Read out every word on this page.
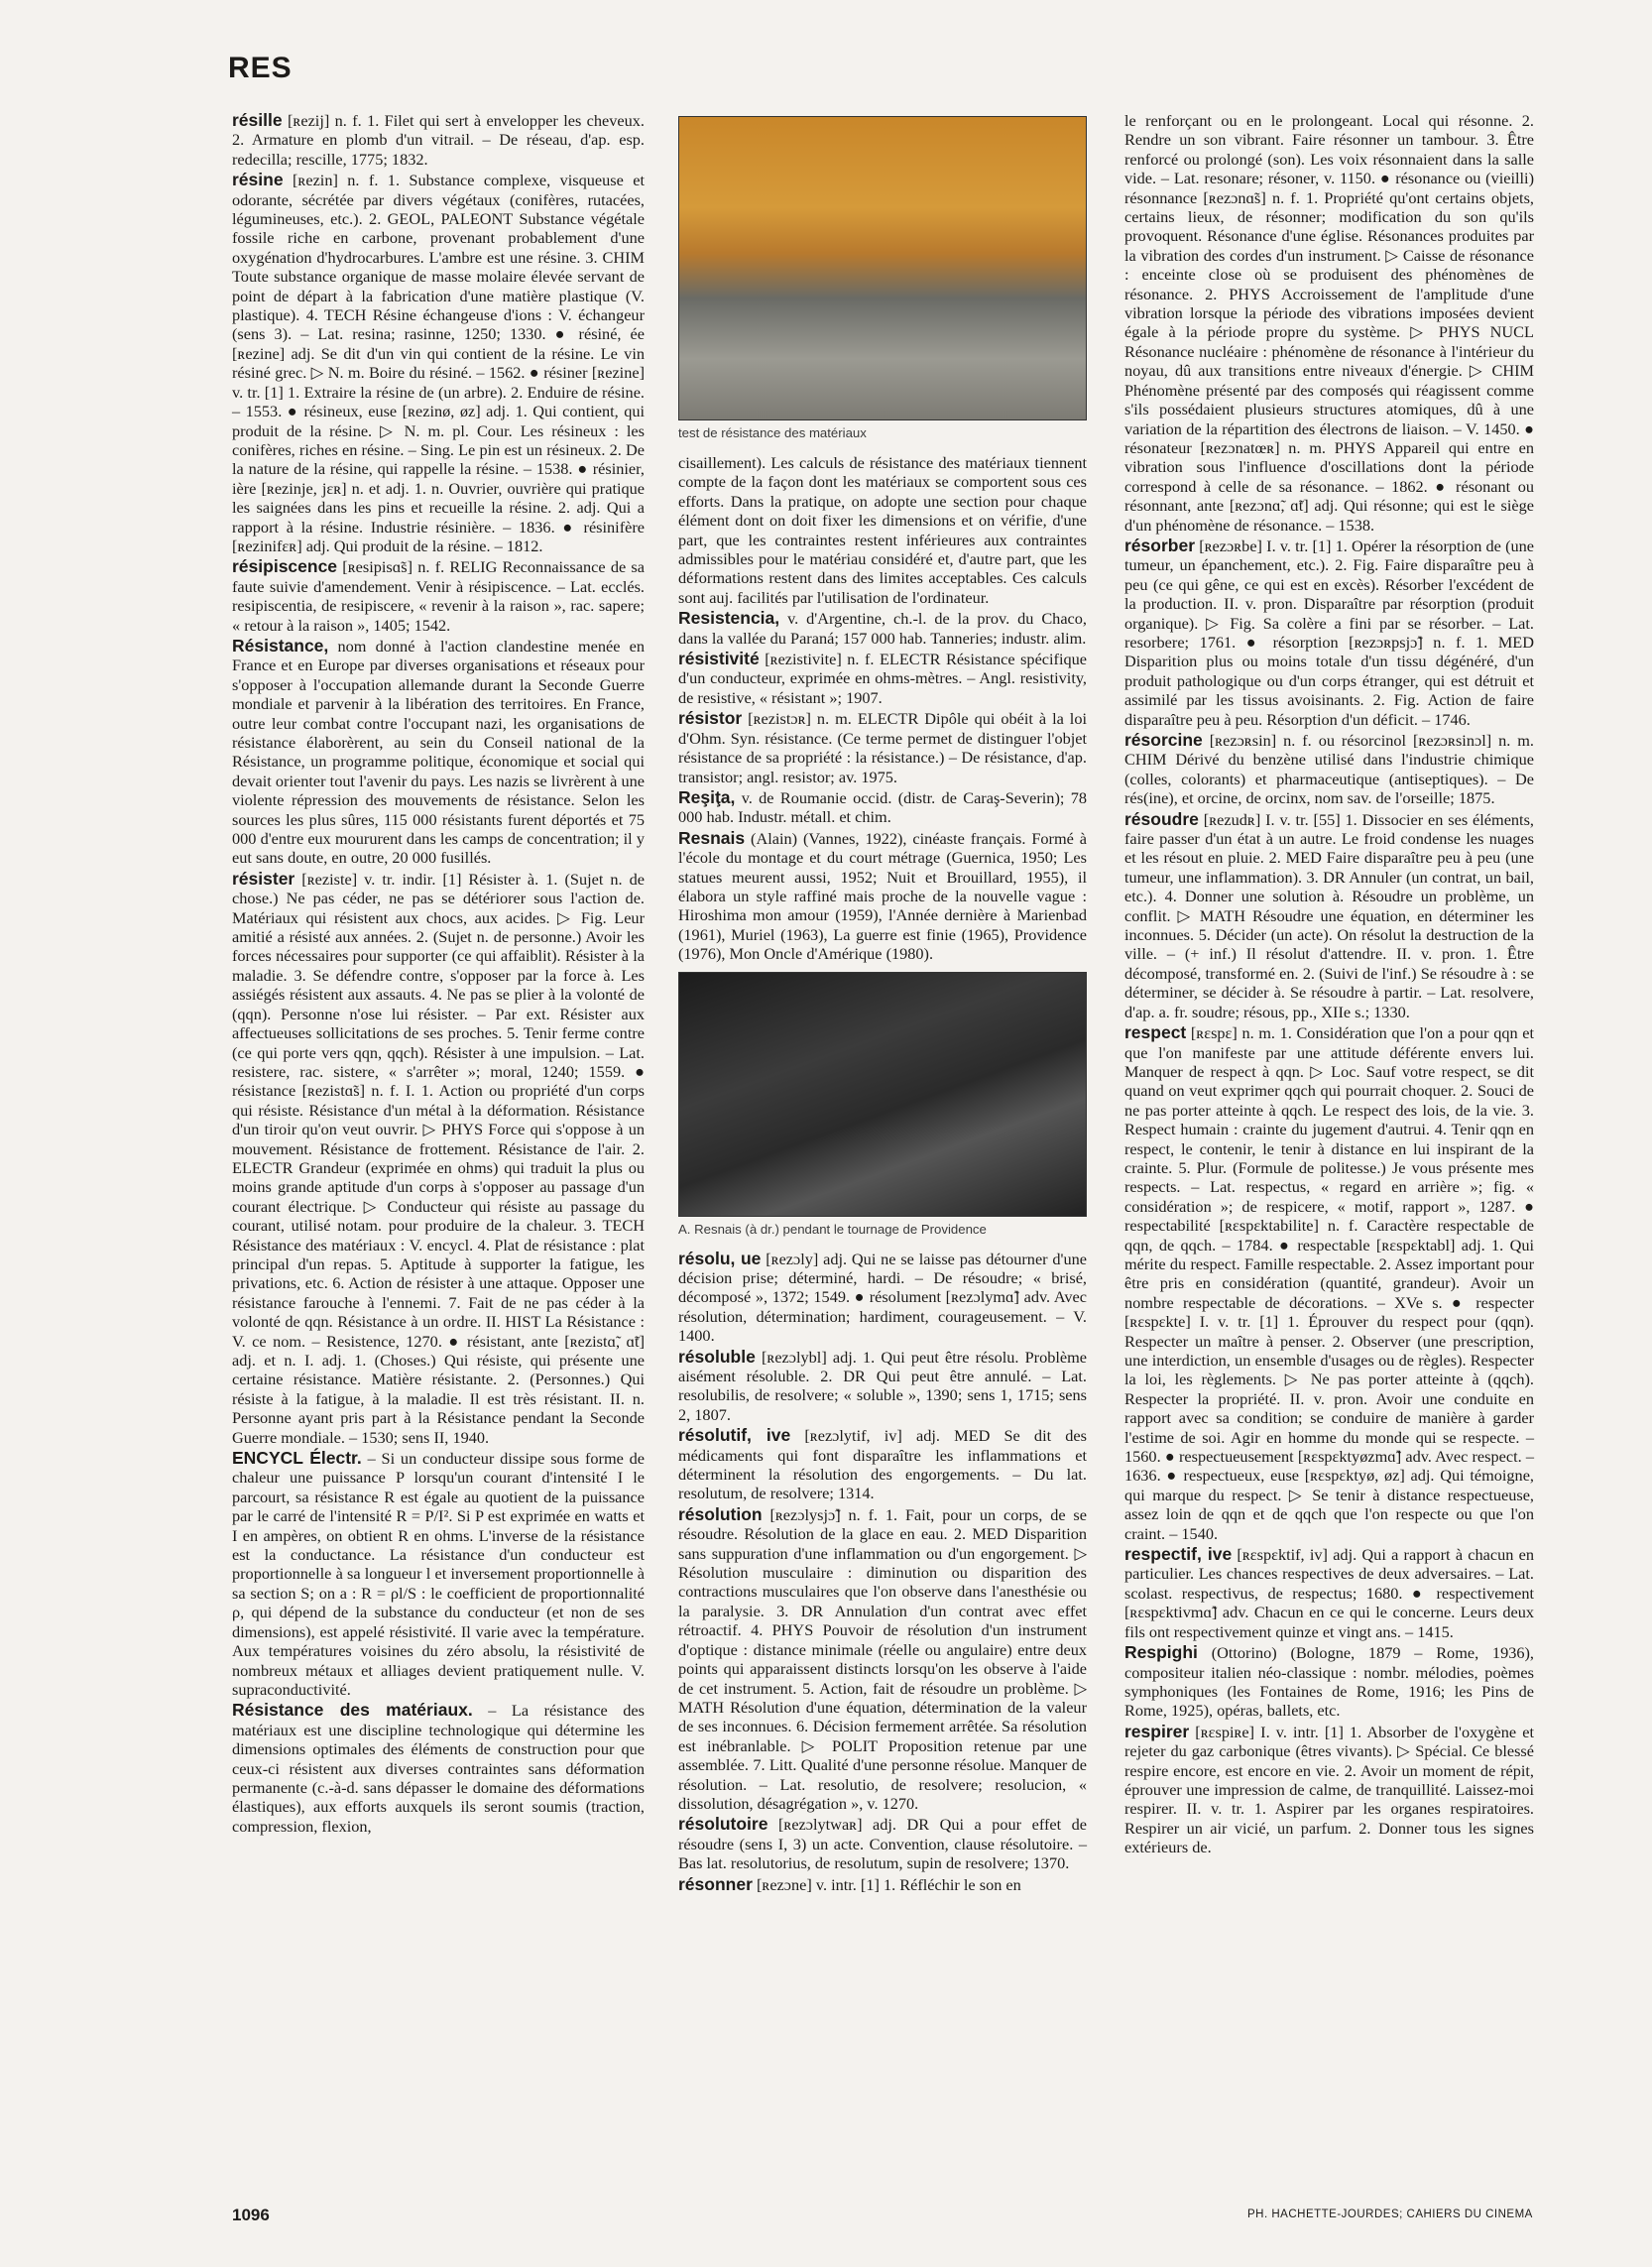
RES

résille [ʀezij] n. f. 1. Filet qui sert à envelopper les cheveux. 2. Armature en plomb d'un vitrail. – De réseau, d'ap. esp. redecilla; rescille, 1775; 1832.

résine [ʀezin] n. f. 1. Substance complexe, visqueuse et odorante, sécrétée par divers végétaux (conifères, rutacées, légumineuses, etc.). 2. GEOL, PALEONT Substance végétale fossile riche en carbone, provenant probablement d'une oxygénation d'hydrocarbures. L'ambre est une résine. 3. CHIM Toute substance organique de masse molaire élevée servant de point de départ à la fabrication d'une matière plastique (V. plastique). 4. TECH Résine échangeuse d'ions : V. échangeur (sens 3). – Lat. resina; rasinne, 1250; 1330. ● résiné, ée [ʀezine] adj. Se dit d'un vin qui contient de la résine. Le vin résiné grec. ▷ N. m. Boire du résiné. – 1562. ● résiner [ʀezine] v. tr. [1] 1. Extraire la résine de (un arbre). 2. Enduire de résine. – 1553. ● résineux, euse [ʀezinø, øz] adj. 1. Qui contient, qui produit de la résine. ▷ N. m. pl. Cour. Les résineux : les conifères, riches en résine. – Sing. Le pin est un résineux. 2. De la nature de la résine, qui rappelle la résine. – 1538. ● résinier, ière [ʀezinje, jɛʀ] n. et adj. 1. n. Ouvrier, ouvrière qui pratique les saignées dans les pins et recueille la résine. 2. adj. Qui a rapport à la résine. Industrie résinière. – 1836. ● résinifère [ʀezinifɛʀ] adj. Qui produit de la résine. – 1812.

résipiscence [ʀesipisɑ̃s] n. f. RELIG Reconnaissance de sa faute suivie d'amendement. Venir à résipiscence. – Lat. ecclés. resipiscentia, de resipiscere, « revenir à la raison », rac. sapere; « retour à la raison », 1405; 1542.

Résistance, nom donné à l'action clandestine menée en France et en Europe par diverses organisations et réseaux pour s'opposer à l'occupation allemande durant la Seconde Guerre mondiale et parvenir à la libération des territoires. En France, outre leur combat contre l'occupant nazi, les organisations de résistance élaborèrent, au sein du Conseil national de la Résistance, un programme politique, économique et social qui devait orienter tout l'avenir du pays. Les nazis se livrèrent à une violente répression des mouvements de résistance. Selon les sources les plus sûres, 115 000 résistants furent déportés et 75 000 d'entre eux moururent dans les camps de concentration; il y eut sans doute, en outre, 20 000 fusillés.

résister [ʀeziste] v. tr. indir. [1] Résister à. 1. (Sujet n. de chose.) Ne pas céder, ne pas se détériorer sous l'action de. Matériaux qui résistent aux chocs, aux acides. ▷ Fig. Leur amitié a résisté aux années. 2. (Sujet n. de personne.) Avoir les forces nécessaires pour supporter (ce qui affaiblit). Résister à la maladie. 3. Se défendre contre, s'opposer par la force à. Les assiégés résistent aux assauts. 4. Ne pas se plier à la volonté de (qqn). Personne n'ose lui résister. – Par ext. Résister aux affectueuses sollicitations de ses proches. 5. Tenir ferme contre (ce qui porte vers qqn, qqch). Résister à une impulsion. – Lat. resistere, rac. sistere, « s'arrêter »; moral, 1240; 1559. ● résistance [ʀezistɑ̃s] n. f. I. 1. Action ou propriété d'un corps qui résiste. Résistance d'un métal à la déformation. Résistance d'un tiroir qu'on veut ouvrir. ▷ PHYS Force qui s'oppose à un mouvement. Résistance de frottement. Résistance de l'air. 2. ELECTR Grandeur (exprimée en ohms) qui traduit la plus ou moins grande aptitude d'un corps à s'opposer au passage d'un courant électrique. ▷ Conducteur qui résiste au passage du courant, utilisé notam. pour produire de la chaleur. 3. TECH Résistance des matériaux : V. encycl. 4. Plat de résistance : plat principal d'un repas. 5. Aptitude à supporter la fatigue, les privations, etc. 6. Action de résister à une attaque. Opposer une résistance farouche à l'ennemi. 7. Fait de ne pas céder à la volonté de qqn. Résistance à un ordre. II. HIST La Résistance : V. ce nom. – Resistence, 1270. ● résistant, ante [ʀezistɑ̃, ɑ̃t] adj. et n. I. adj. 1. (Choses.) Qui résiste, qui présente une certaine résistance. Matière résistante. 2. (Personnes.) Qui résiste à la fatigue, à la maladie. Il est très résistant. II. n. Personne ayant pris part à la Résistance pendant la Seconde Guerre mondiale. – 1530; sens II, 1940.

ENCYCL Électr. – Si un conducteur dissipe sous forme de chaleur une puissance P lorsqu'un courant d'intensité I le parcourt, sa résistance R est égale au quotient de la puissance par le carré de l'intensité R = P/I². Si P est exprimée en watts et I en ampères, on obtient R en ohms. L'inverse de la résistance est la conductance. La résistance d'un conducteur est proportionnelle à sa longueur l et inversement proportionnelle à sa section S; on a : R = ρl/S : le coefficient de proportionnalité ρ, qui dépend de la substance du conducteur (et non de ses dimensions), est appelé résistivité. Il varie avec la température. Aux températures voisines du zéro absolu, la résistivité de nombreux métaux et alliages devient pratiquement nulle. V. supraconductivité.

Résistance des matériaux. – La résistance des matériaux est une discipline technologique qui détermine les dimensions optimales des éléments de construction pour que ceux-ci résistent aux diverses contraintes sans déformation permanente (c.-à-d. sans dépasser le domaine des déformations élastiques), aux efforts auxquels ils seront soumis (traction, compression, flexion,

test de résistance des matériaux

cisaillement). Les calculs de résistance des matériaux tiennent compte de la façon dont les matériaux se comportent sous ces efforts. Dans la pratique, on adopte une section pour chaque élément dont on doit fixer les dimensions et on vérifie, d'une part, que les contraintes restent inférieures aux contraintes admissibles pour le matériau considéré et, d'autre part, que les déformations restent dans des limites acceptables. Ces calculs sont auj. facilités par l'utilisation de l'ordinateur.

Resistencia, v. d'Argentine, ch.-l. de la prov. du Chaco, dans la vallée du Paraná; 157 000 hab. Tanneries; industr. alim.

résistivité [ʀezistivite] n. f. ELECTR Résistance spécifique d'un conducteur, exprimée en ohms-mètres. – Angl. resistivity, de resistive, « résistant »; 1907.

résistor [ʀezistɔʀ] n. m. ELECTR Dipôle qui obéit à la loi d'Ohm. Syn. résistance. (Ce terme permet de distinguer l'objet résistance de sa propriété : la résistance.) – De résistance, d'ap. transistor; angl. resistor; av. 1975.

Reşiţa, v. de Roumanie occid. (distr. de Caraş-Severin); 78 000 hab. Industr. métall. et chim.

Resnais (Alain) (Vannes, 1922), cinéaste français. Formé à l'école du montage et du court métrage (Guernica, 1950; Les statues meurent aussi, 1952; Nuit et Brouillard, 1955), il élabora un style raffiné mais proche de la nouvelle vague : Hiroshima mon amour (1959), l'Année dernière à Marienbad (1961), Muriel (1963), La guerre est finie (1965), Providence (1976), Mon Oncle d'Amérique (1980).

A. Resnais (à dr.) pendant le tournage de Providence

résolu, ue [ʀezɔly] adj. Qui ne se laisse pas détourner d'une décision prise; déterminé, hardi. – De résoudre; « brisé, décomposé », 1372; 1549. ● résolument [ʀezɔlymɑ̃] adv. Avec résolution, détermination; hardiment, courageusement. – V. 1400.

résoluble [ʀezɔlybl] adj. 1. Qui peut être résolu. Problème aisément résoluble. 2. DR Qui peut être annulé. – Lat. resolubilis, de resolvere; « soluble », 1390; sens 1, 1715; sens 2, 1807.

résolutif, ive [ʀezɔlytif, iv] adj. MED Se dit des médicaments qui font disparaître les inflammations et déterminent la résolution des engorgements. – Du lat. resolutum, de resolvere; 1314.

résolution [ʀezɔlysjɔ̃] n. f. 1. Fait, pour un corps, de se résoudre. Résolution de la glace en eau. 2. MED Disparition sans suppuration d'une inflammation ou d'un engorgement. ▷ Résolution musculaire : diminution ou disparition des contractions musculaires que l'on observe dans l'anesthésie ou la paralysie. 3. DR Annulation d'un contrat avec effet rétroactif. 4. PHYS Pouvoir de résolution d'un instrument d'optique : distance minimale (réelle ou angulaire) entre deux points qui apparaissent distincts lorsqu'on les observe à l'aide de cet instrument. 5. Action, fait de résoudre un problème. ▷ MATH Résolution d'une équation, détermination de la valeur de ses inconnues. 6. Décision fermement arrêtée. Sa résolution est inébranlable. ▷ POLIT Proposition retenue par une assemblée. 7. Litt. Qualité d'une personne résolue. Manquer de résolution. – Lat. resolutio, de resolvere; resolucion, « dissolution, désagrégation », v. 1270.

résolutoire [ʀezɔlytwaʀ] adj. DR Qui a pour effet de résoudre (sens I, 3) un acte. Convention, clause résolutoire. – Bas lat. resolutorius, de resolutum, supin de resolvere; 1370.

résonner [ʀezɔne] v. intr. [1] 1. Réfléchir le son en

le renforçant ou en le prolongeant. Local qui résonne. 2. Rendre un son vibrant. Faire résonner un tambour. 3. Être renforcé ou prolongé (son). Les voix résonnaient dans la salle vide. – Lat. resonare; résoner, v. 1150. ● résonance ou (vieilli) résonnance [ʀezɔnɑ̃s] n. f. 1. Propriété qu'ont certains objets, certains lieux, de résonner; modification du son qu'ils provoquent. Résonance d'une église. Résonances produites par la vibration des cordes d'un instrument. ▷ Caisse de résonance : enceinte close où se produisent des phénomènes de résonance. 2. PHYS Accroissement de l'amplitude d'une vibration lorsque la période des vibrations imposées devient égale à la période propre du système. ▷ PHYS NUCL Résonance nucléaire : phénomène de résonance à l'intérieur du noyau, dû aux transitions entre niveaux d'énergie. ▷ CHIM Phénomène présenté par des composés qui réagissent comme s'ils possédaient plusieurs structures atomiques, dû à une variation de la répartition des électrons de liaison. – V. 1450. ● résonateur [ʀezɔnatœʀ] n. m. PHYS Appareil qui entre en vibration sous l'influence d'oscillations dont la période correspond à celle de sa résonance. – 1862. ● résonant ou résonnant, ante [ʀezɔnɑ̃, ɑ̃t] adj. Qui résonne; qui est le siège d'un phénomène de résonance. – 1538.

résorber [ʀezɔʀbe] I. v. tr. [1] 1. Opérer la résorption de (une tumeur, un épanchement, etc.). 2. Fig. Faire disparaître peu à peu (ce qui gêne, ce qui est en excès). Résorber l'excédent de la production. II. v. pron. Disparaître par résorption (produit organique). ▷ Fig. Sa colère a fini par se résorber. – Lat. resorbere; 1761. ● résorption [ʀezɔʀpsjɔ̃] n. f. 1. MED Disparition plus ou moins totale d'un tissu dégénéré, d'un produit pathologique ou d'un corps étranger, qui est détruit et assimilé par les tissus avoisinants. 2. Fig. Action de faire disparaître peu à peu. Résorption d'un déficit. – 1746.

résorcine [ʀezɔʀsin] n. f. ou résorcinol [ʀezɔʀsinɔl] n. m. CHIM Dérivé du benzène utilisé dans l'industrie chimique (colles, colorants) et pharmaceutique (antiseptiques). – De rés(ine), et orcine, de orcinx, nom sav. de l'orseille; 1875.

résoudre [ʀezudʀ] I. v. tr. [55] 1. Dissocier en ses éléments, faire passer d'un état à un autre. Le froid condense les nuages et les résout en pluie. 2. MED Faire disparaître peu à peu (une tumeur, une inflammation). 3. DR Annuler (un contrat, un bail, etc.). 4. Donner une solution à. Résoudre un problème, un conflit. ▷ MATH Résoudre une équation, en déterminer les inconnues. 5. Décider (un acte). On résolut la destruction de la ville. – (+ inf.) Il résolut d'attendre. II. v. pron. 1. Être décomposé, transformé en. 2. (Suivi de l'inf.) Se résoudre à : se déterminer, se décider à. Se résoudre à partir. – Lat. resolvere, d'ap. a. fr. soudre; résous, pp., XIIe s.; 1330.

respect [ʀɛspɛ] n. m. 1. Considération que l'on a pour qqn et que l'on manifeste par une attitude déférente envers lui. Manquer de respect à qqn. ▷ Loc. Sauf votre respect, se dit quand on veut exprimer qqch qui pourrait choquer. 2. Souci de ne pas porter atteinte à qqch. Le respect des lois, de la vie. 3. Respect humain : crainte du jugement d'autrui. 4. Tenir qqn en respect, le contenir, le tenir à distance en lui inspirant de la crainte. 5. Plur. (Formule de politesse.) Je vous présente mes respects. – Lat. respectus, « regard en arrière »; fig. « considération »; de respicere, « motif, rapport », 1287. ● respectabilité [ʀɛspɛktabilite] n. f. Caractère respectable de qqn, de qqch. – 1784. ● respectable [ʀɛspɛktabl] adj. 1. Qui mérite du respect. Famille respectable. 2. Assez important pour être pris en considération (quantité, grandeur). Avoir un nombre respectable de décorations. – XVe s. ● respecter [ʀɛspɛkte] I. v. tr. [1] 1. Éprouver du respect pour (qqn). Respecter un maître à penser. 2. Observer (une prescription, une interdiction, un ensemble d'usages ou de règles). Respecter la loi, les règlements. ▷ Ne pas porter atteinte à (qqch). Respecter la propriété. II. v. pron. Avoir une conduite en rapport avec sa condition; se conduire de manière à garder l'estime de soi. Agir en homme du monde qui se respecte. – 1560. ● respectueusement [ʀɛspɛktyøzmɑ̃] adv. Avec respect. – 1636. ● respectueux, euse [ʀɛspɛktyø, øz] adj. Qui témoigne, qui marque du respect. ▷ Se tenir à distance respectueuse, assez loin de qqn et de qqch que l'on respecte ou que l'on craint. – 1540.

respectif, ive [ʀɛspɛktif, iv] adj. Qui a rapport à chacun en particulier. Les chances respectives de deux adversaires. – Lat. scolast. respectivus, de respectus; 1680. ● respectivement [ʀɛspɛktivmɑ̃] adv. Chacun en ce qui le concerne. Leurs deux fils ont respectivement quinze et vingt ans. – 1415.

Respighi (Ottorino) (Bologne, 1879 – Rome, 1936), compositeur italien néo-classique : nombr. mélodies, poèmes symphoniques (les Fontaines de Rome, 1916; les Pins de Rome, 1925), opéras, ballets, etc.

respirer [ʀɛspiʀe] I. v. intr. [1] 1. Absorber de l'oxygène et rejeter du gaz carbonique (êtres vivants). ▷ Spécial. Ce blessé respire encore, est encore en vie. 2. Avoir un moment de répit, éprouver une impression de calme, de tranquillité. Laissez-moi respirer. II. v. tr. 1. Aspirer par les organes respiratoires. Respirer un air vicié, un parfum. 2. Donner tous les signes extérieurs de.

1096	PH. HACHETTE-JOURDES; CAHIERS DU CINEMA
